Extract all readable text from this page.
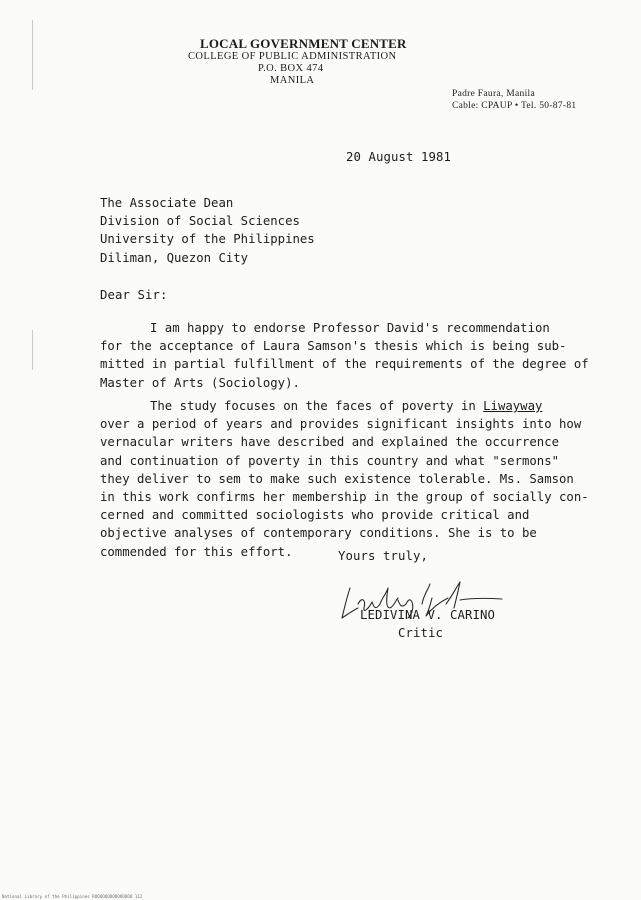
LOCAL GOVERNMENT CENTER
COLLEGE OF PUBLIC ADMINISTRATION
P.O. BOX 474
MANILA
Padre Faura, Manila
Cable: CPAUP • Tel. 50-87-81
20 August 1981
The Associate Dean
Division of Social Sciences
University of the Philippines
Diliman, Quezon City
Dear Sir:
I am happy to endorse Professor David's recommendation
for the acceptance of Laura Samson's thesis which is being sub-
mitted in partial fulfillment of the requirements of the degree of
Master of Arts (Sociology).
The study focuses on the faces of poverty in Liwayway
over a period of years and provides significant insights into how
vernacular writers have described and explained the occurrence
and continuation of poverty in this country and what "sermons"
they deliver to sem to make such existence tolerable. Ms. Samson
in this work confirms her membership in the group of socially con-
cerned and committed sociologists who provide critical and
objective analyses of contemporary conditions. She is to be
commended for this effort.	Yours truly,
LEDIVINA V. CARINO
Critic
National Library of the Philippines ROOOOOOOOOOOOOOO 112
